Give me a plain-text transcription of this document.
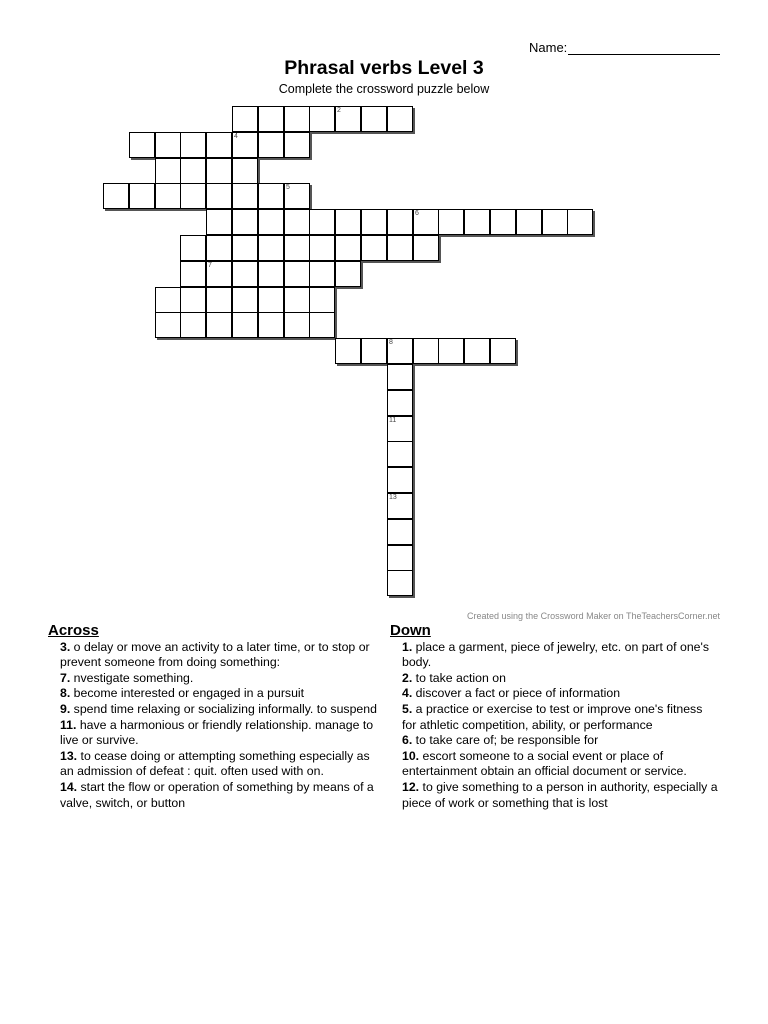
Name:
Phrasal verbs Level 3
Complete the crossword puzzle below
2
4
5
6
7
8
11
13
Created using the Crossword Maker on TheTeachersCorner.net
Across
3. o delay or move an activity to a later time, or to stop or prevent someone from doing something:
7. nvestigate something.
8. become interested or engaged in a pursuit
9. spend time relaxing or socializing informally. to suspend
11. have a harmonious or friendly relationship. manage to live or survive.
13. to cease doing or attempting something especially as an admission of defeat : quit. often used with on.
14. start the flow or operation of something by means of a valve, switch, or button
Down
1. place a garment, piece of jewelry, etc. on part of one's body.
2. to take action on
4. discover a fact or piece of information
5. a practice or exercise to test or improve one's fitness for athletic competition, ability, or performance
6. to take care of; be responsible for
10. escort someone to a social event or place of entertainment obtain an official document or service.
12. to give something to a person in authority, especially a piece of work or something that is lost
